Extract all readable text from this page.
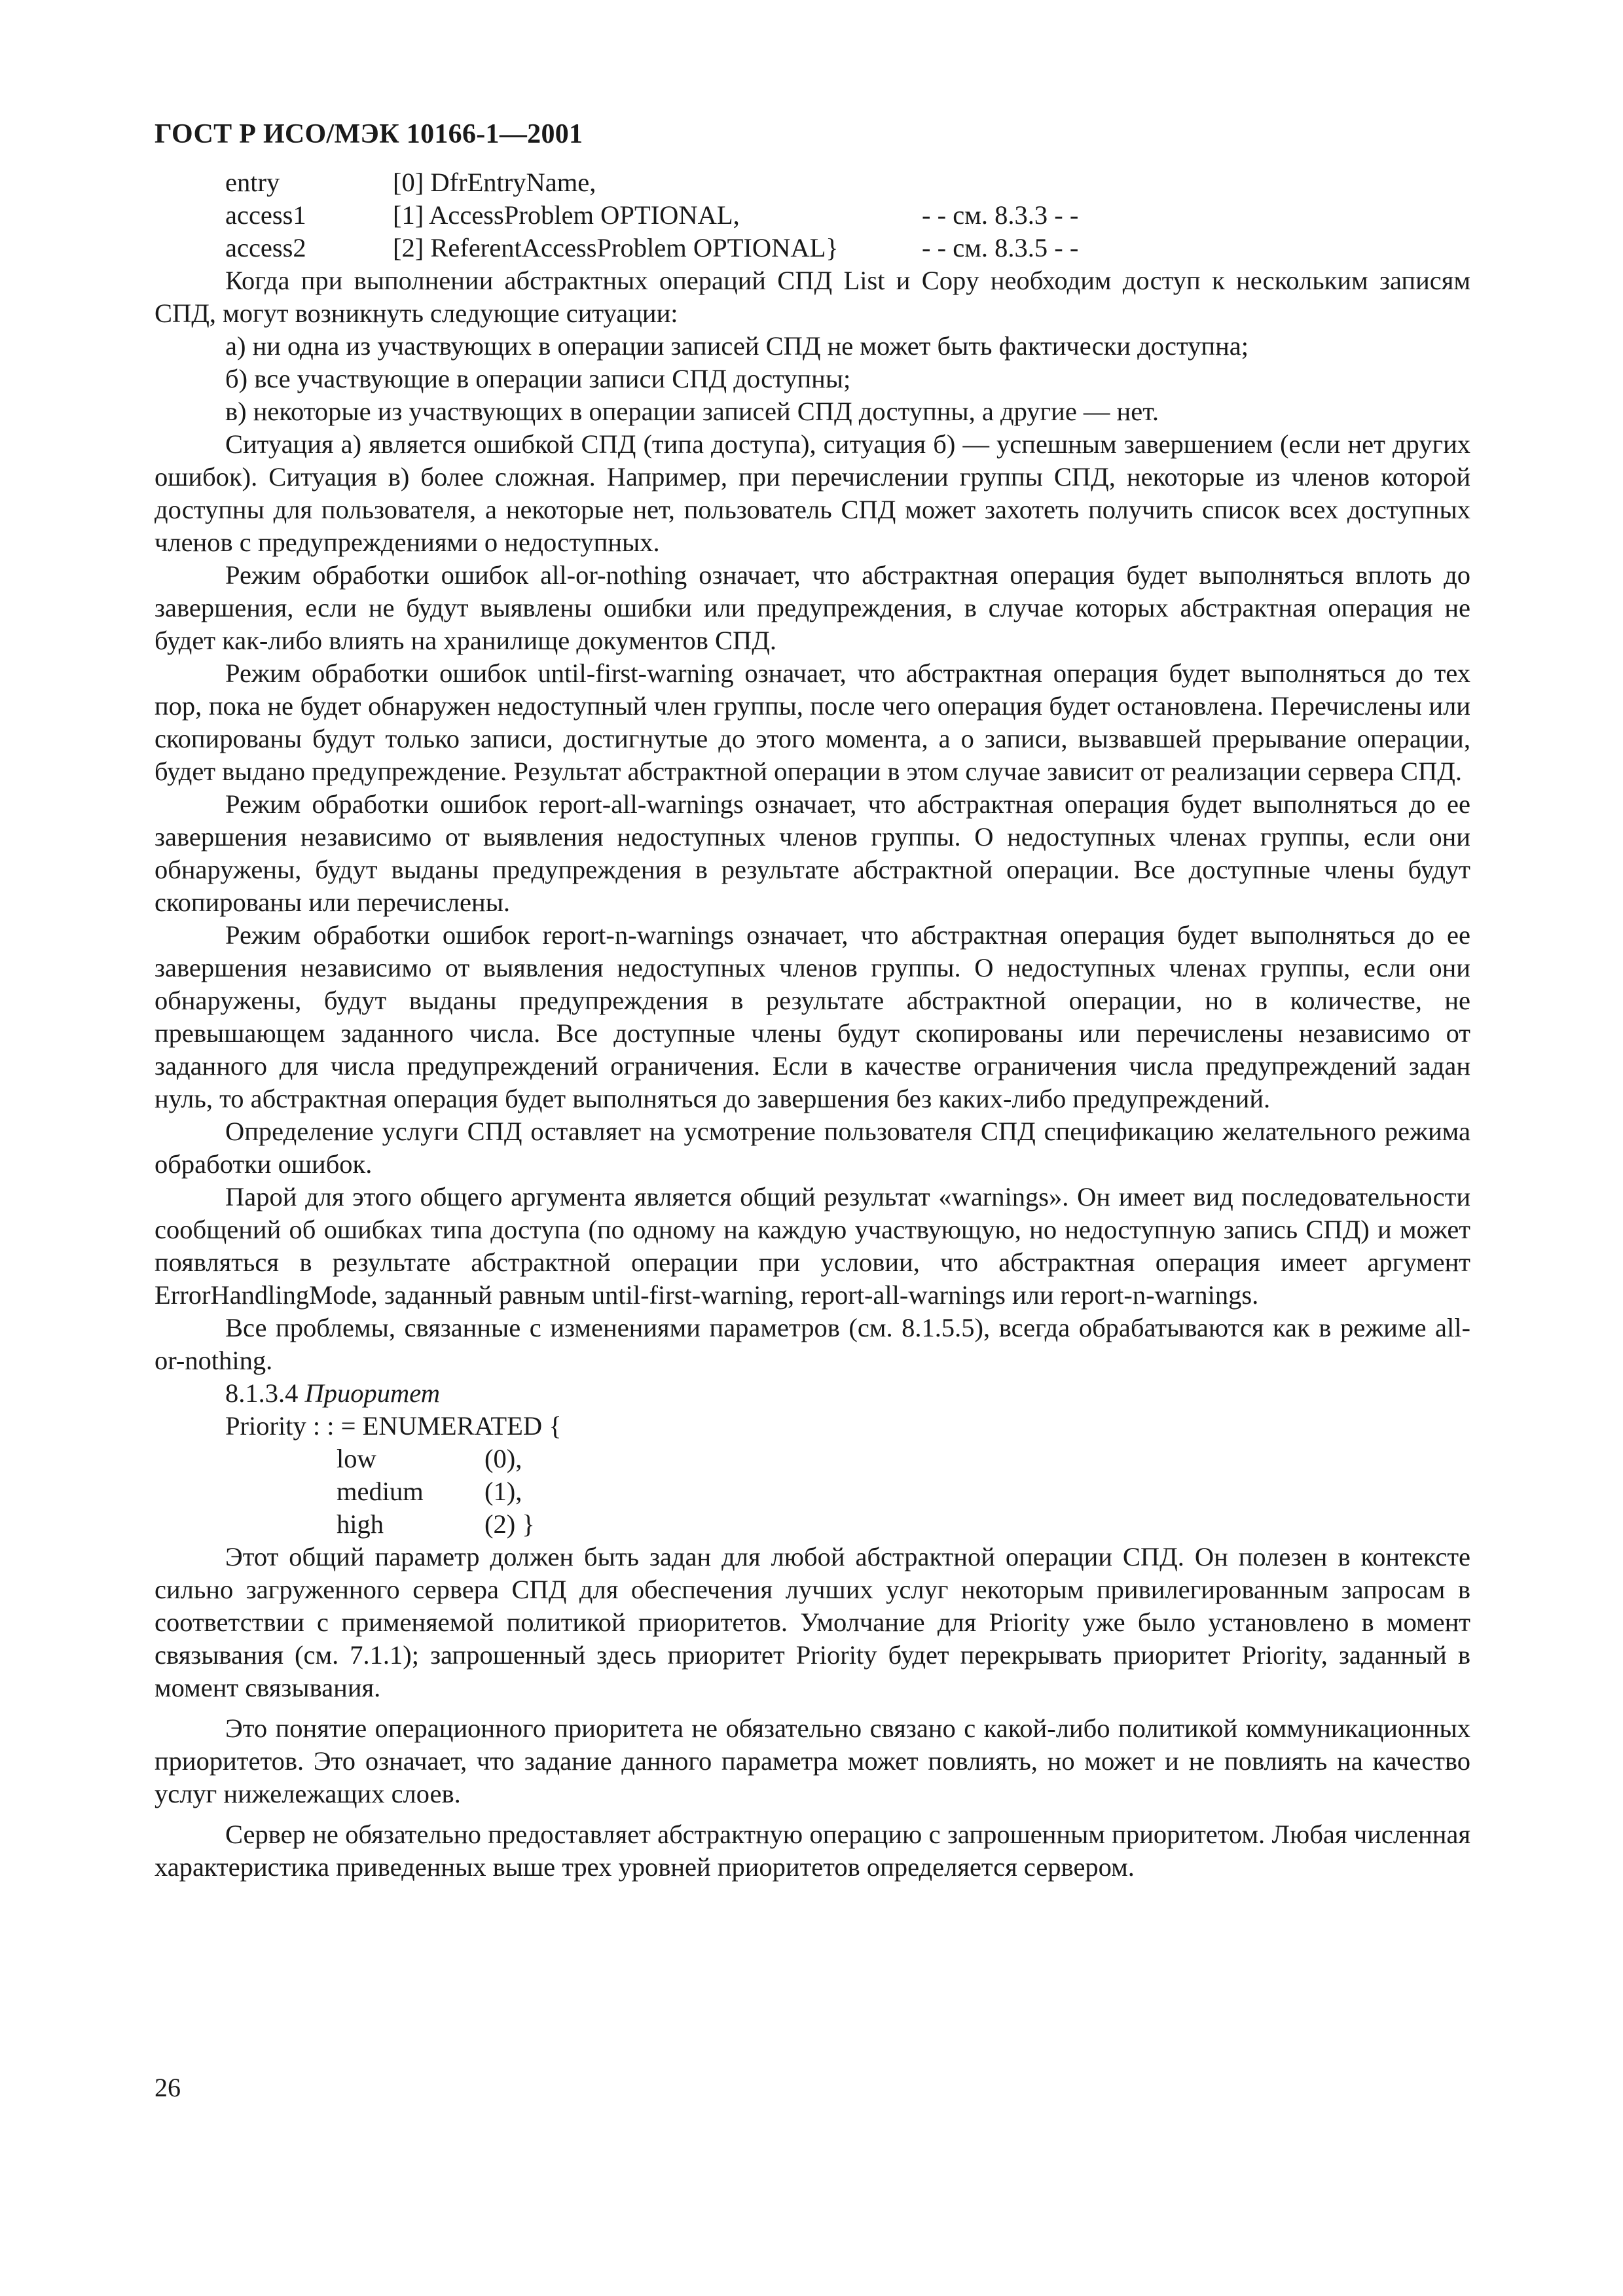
ГОСТ Р ИСО/МЭК 10166-1—2001
entry	[0] DfrEntryName,
access1	[1] AccessProblem OPTIONAL,	- - см. 8.3.3 - -
access2	[2] ReferentAccessProblem OPTIONAL}	- - см. 8.3.5 - -

Когда при выполнении абстрактных операций СПД List и Copy необходим доступ к нескольким записям СПД, могут возникнуть следующие ситуации:

а) ни одна из участвующих в операции записей СПД не может быть фактически доступна;
б) все участвующие в операции записи СПД доступны;
в) некоторые из участвующих в операции записей СПД доступны, а другие — нет.

Ситуация а) является ошибкой СПД (типа доступа), ситуация б) — успешным завершением (если нет других ошибок). Ситуация в) более сложная. Например, при перечислении группы СПД, некоторые из членов которой доступны для пользователя, а некоторые нет, пользователь СПД может захотеть получить список всех доступных членов с предупреждениями о недоступных.

Режим обработки ошибок all-or-nothing означает, что абстрактная операция будет выполняться вплоть до завершения, если не будут выявлены ошибки или предупреждения, в случае которых абстрактная операция не будет как-либо влиять на хранилище документов СПД.

Режим обработки ошибок until-first-warning означает, что абстрактная операция будет выполняться до тех пор, пока не будет обнаружен недоступный член группы, после чего операция будет остановлена. Перечислены или скопированы будут только записи, достигнутые до этого момента, а о записи, вызвавшей прерывание операции, будет выдано предупреждение. Результат абстрактной операции в этом случае зависит от реализации сервера СПД.

Режим обработки ошибок report-all-warnings означает, что абстрактная операция будет выполняться до ее завершения независимо от выявления недоступных членов группы. О недоступных членах группы, если они обнаружены, будут выданы предупреждения в результате абстрактной операции. Все доступные члены будут скопированы или перечислены.

Режим обработки ошибок report-n-warnings означает, что абстрактная операция будет выполняться до ее завершения независимо от выявления недоступных членов группы. О недоступных членах группы, если они обнаружены, будут выданы предупреждения в результате абстрактной операции, но в количестве, не превышающем заданного числа. Все доступные члены будут скопированы или перечислены независимо от заданного для числа предупреждений ограничения. Если в качестве ограничения числа предупреждений задан нуль, то абстрактная операция будет выполняться до завершения без каких-либо предупреждений.

Определение услуги СПД оставляет на усмотрение пользователя СПД спецификацию желательного режима обработки ошибок.

Парой для этого общего аргумента является общий результат «warnings». Он имеет вид последовательности сообщений об ошибках типа доступа (по одному на каждую участвующую, но недоступную запись СПД) и может появляться в результате абстрактной операции при условии, что абстрактная операция имеет аргумент ErrorHandlingMode, заданный равным until-first-warning, report-all-warnings или report-n-warnings.

Все проблемы, связанные с изменениями параметров (см. 8.1.5.5), всегда обрабатываются как в режиме all-or-nothing.

8.1.3.4 Приоритет
Priority : : = ENUMERATED {
low	(0),
medium	(1),
high	(2) }

Этот общий параметр должен быть задан для любой абстрактной операции СПД. Он полезен в контексте сильно загруженного сервера СПД для обеспечения лучших услуг некоторым привилегированным запросам в соответствии с применяемой политикой приоритетов. Умолчание для Priority уже было установлено в момент связывания (см. 7.1.1); запрошенный здесь приоритет Priority будет перекрывать приоритет Priority, заданный в момент связывания.

Это понятие операционного приоритета не обязательно связано с какой-либо политикой коммуникационных приоритетов. Это означает, что задание данного параметра может повлиять, но может и не повлиять на качество услуг нижележащих слоев.

Сервер не обязательно предоставляет абстрактную операцию с запрошенным приоритетом. Любая численная характеристика приведенных выше трех уровней приоритетов определяется сервером.

26
